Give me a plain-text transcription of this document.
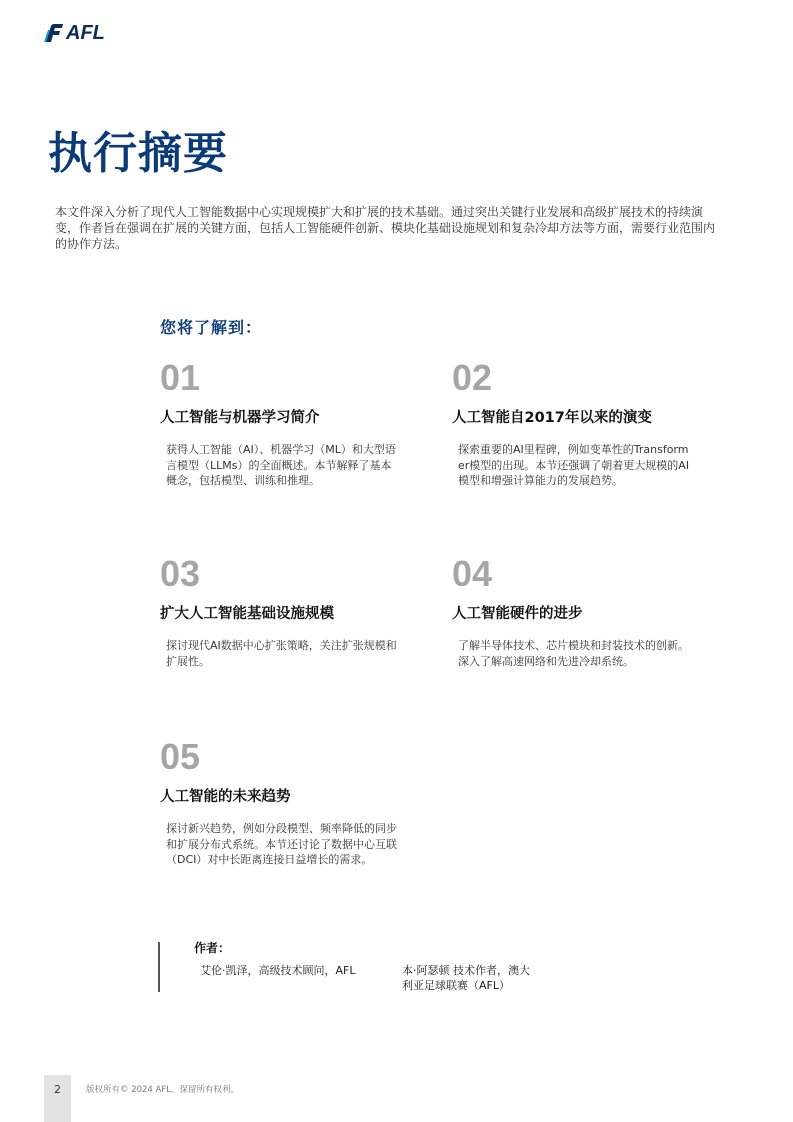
AFL
执行摘要

本文件深入分析了现代人工智能数据中心实现规模扩大和扩展的技术基础。通过突出关键行业发展和高级扩展技术的持续演变，作者旨在强调在扩展的关键方面，包括人工智能硬件创新、模块化基础设施规划和复杂冷却方法等方面，需要行业范围内的协作方法。

您将了解到：
01
人工智能与机器学习简介
获得人工智能（AI）、机器学习（ML）和大型语言模型（LLMs）的全面概述。本节解释了基本概念，包括模型、训练和推理。
02
人工智能自2017年以来的演变
探索重要的AI里程碑，例如变革性的Transformer模型的出现。本节还强调了朝着更大规模的AI模型和增强计算能力的发展趋势。
03
扩大人工智能基础设施规模
探讨现代AI数据中心扩张策略，关注扩张规模和扩展性。
04
人工智能硬件的进步
了解半导体技术、芯片模块和封装技术的创新。深入了解高速网络和先进冷却系统。
05
人工智能的未来趋势
探讨新兴趋势，例如分段模型、频率降低的同步和扩展分布式系统。本节还讨论了数据中心互联（DCI）对中长距离连接日益增长的需求。
作者：
艾伦·凯泽，高级技术顾问，AFL	本·阿瑟顿 技术作者，澳大利亚足球联赛（AFL）
2	版权所有© 2024 AFL。保留所有权利。
